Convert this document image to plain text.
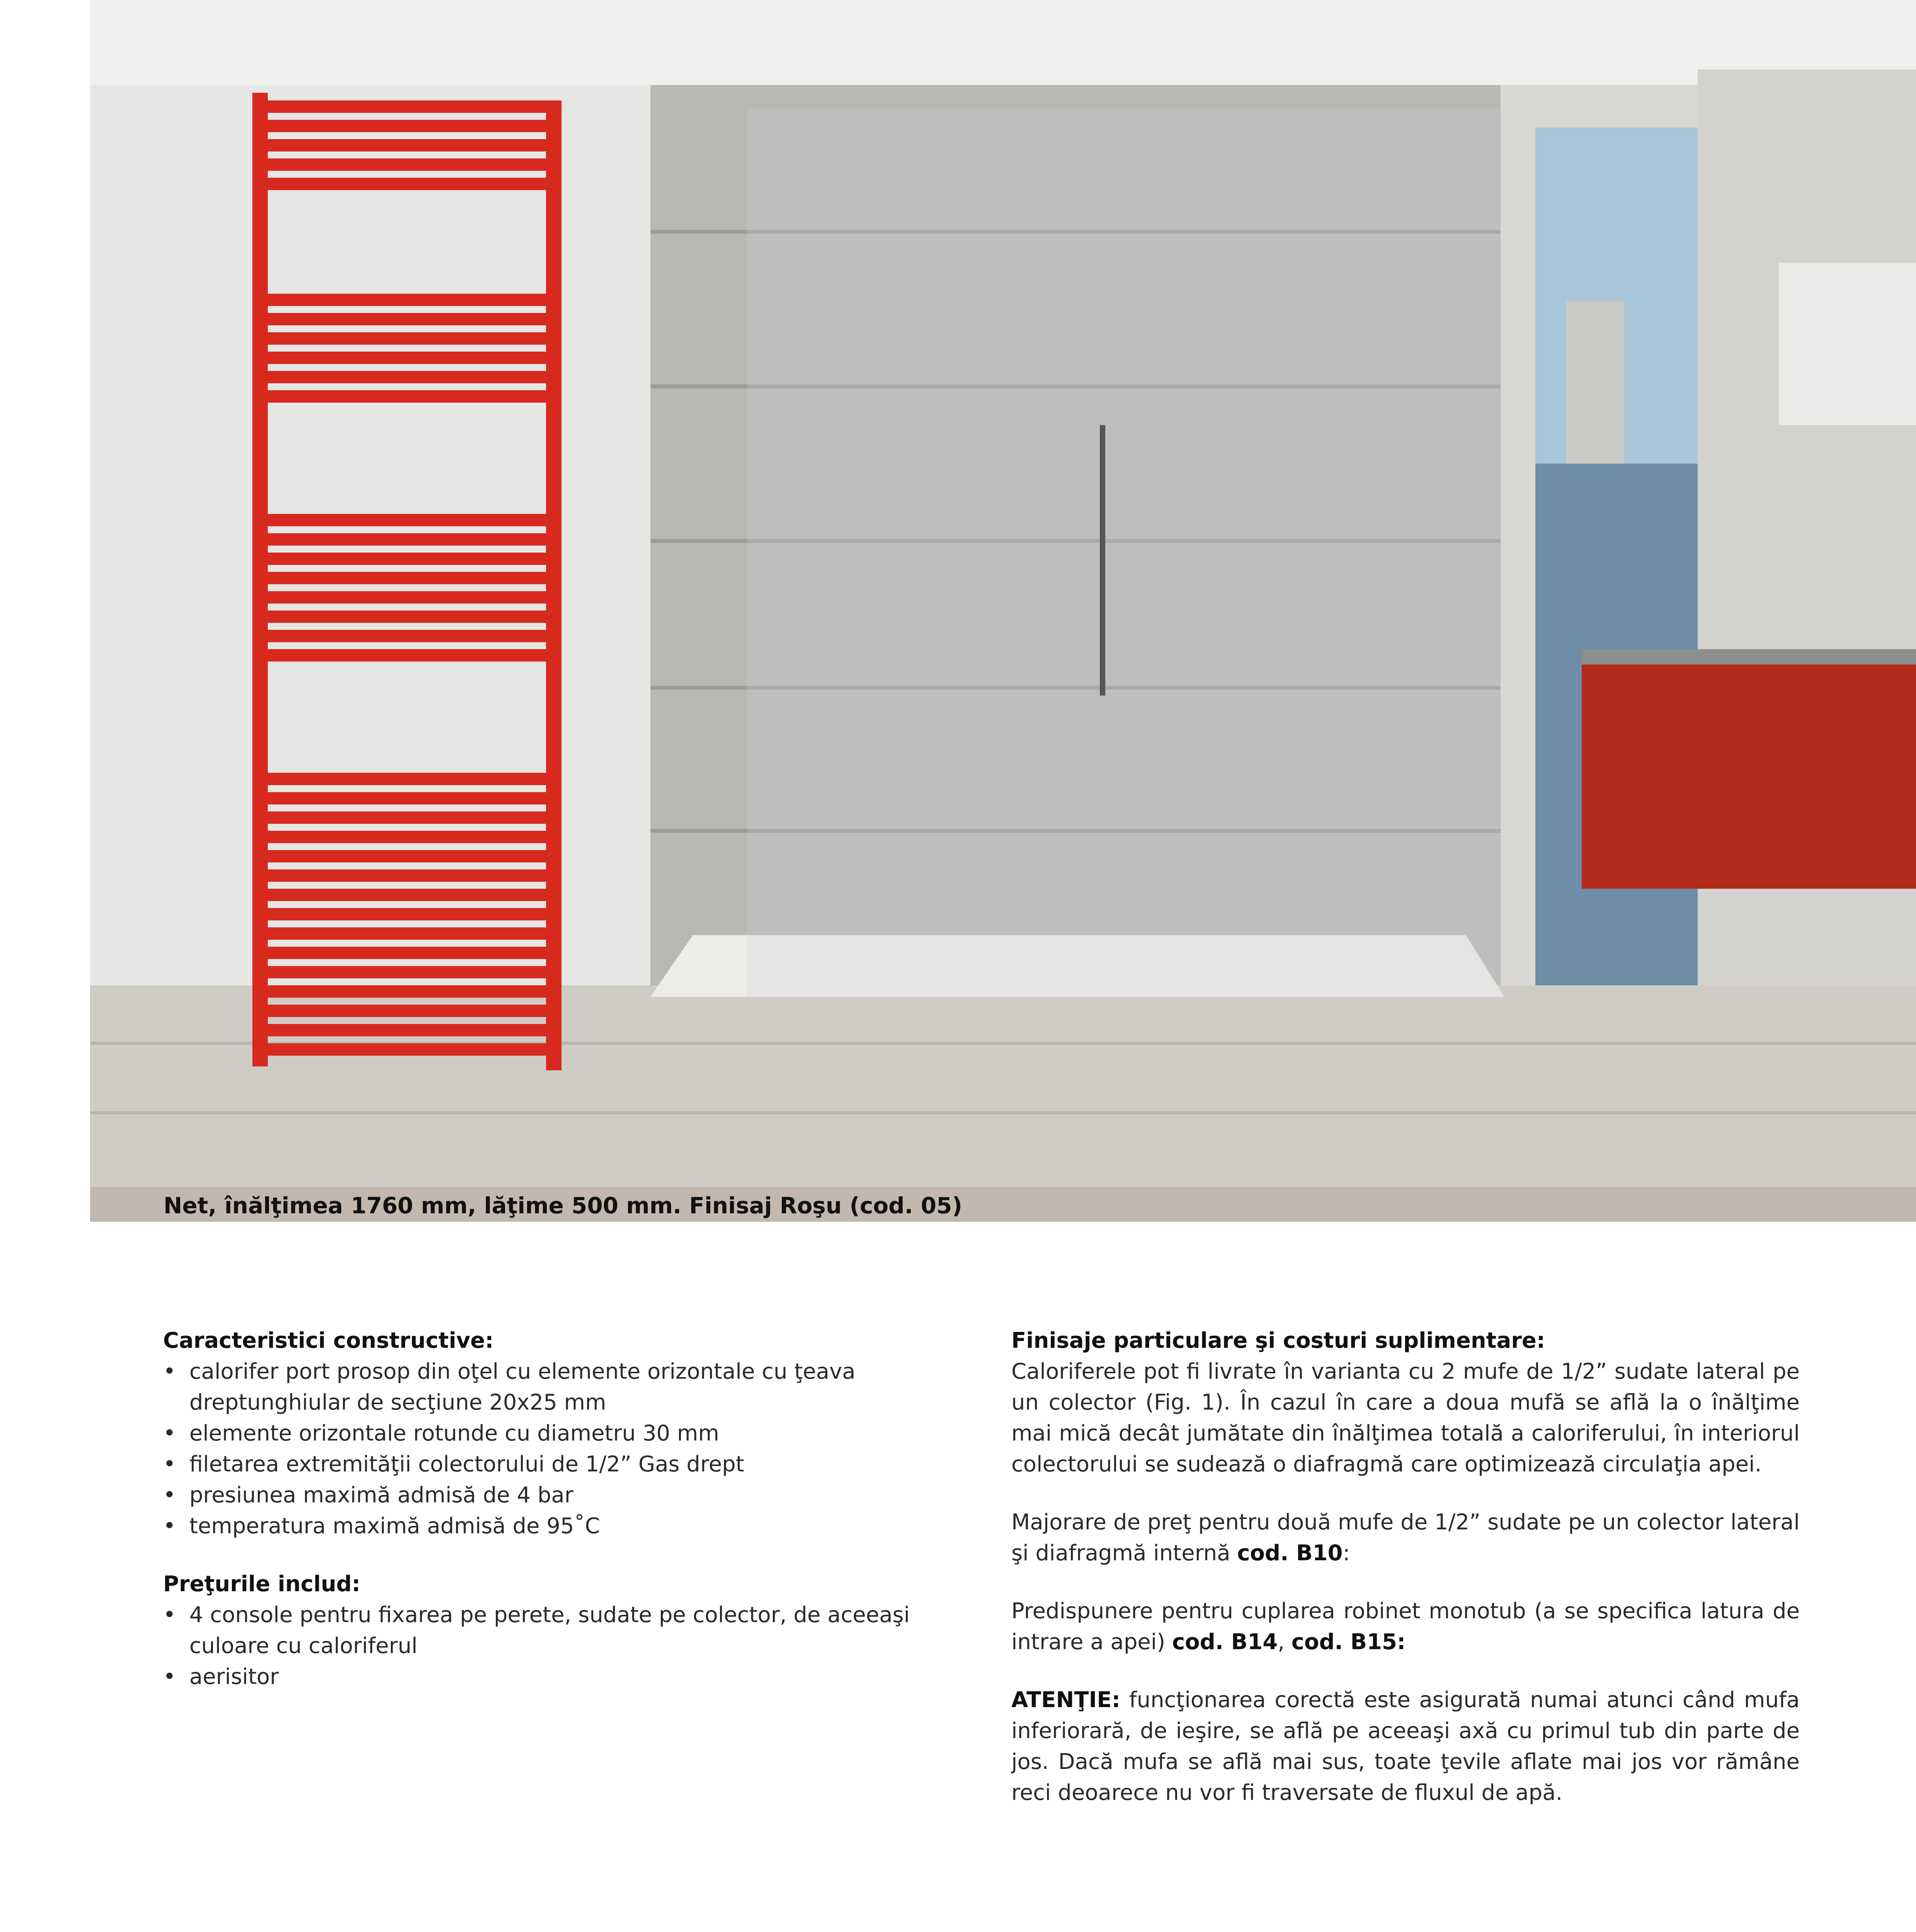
Net, înălţimea 1760 mm, lăţime 500 mm. Finisaj Roşu (cod. 05)
Caracteristici constructive:
• calorifer port prosop din oţel cu elemente orizontale cu ţeava dreptunghiular de secţiune 20x25 mm
• elemente orizontale rotunde cu diametru 30 mm
• filetarea extremităţii colectorului de 1/2” Gas drept
• presiunea maximă admisă de 4 bar
• temperatura maximă admisă de 95˚C
Preţurile includ:
• 4 console pentru fixarea pe perete, sudate pe colector, de aceeaşi culoare cu caloriferul
• aerisitor
Finisaje particulare şi costuri suplimentare:
Caloriferele pot fi livrate în varianta cu 2 mufe de 1/2” sudate lateral pe un colector (Fig. 1). În cazul în care a doua mufă se află la o înălţime mai mică decât jumătate din înălţimea totală a caloriferului, în interiorul colectorului se sudează o diafragmă care optimizează circulaţia apei.
Majorare de preţ pentru două mufe de 1/2” sudate pe un colector lateral şi diafragmă internă cod. B10:
Predispunere pentru cuplarea robinet monotub (a se specifica latura de intrare a apei) cod. B14, cod. B15:
ATENŢIE: funcţionarea corectă este asigurată numai atunci când mufa inferiorară, de ieşire, se află pe aceeaşi axă cu primul tub din parte de jos. Dacă mufa se află mai sus, toate ţevile aflate mai jos vor rămâne reci deoarece nu vor fi traversate de fluxul de apă.
